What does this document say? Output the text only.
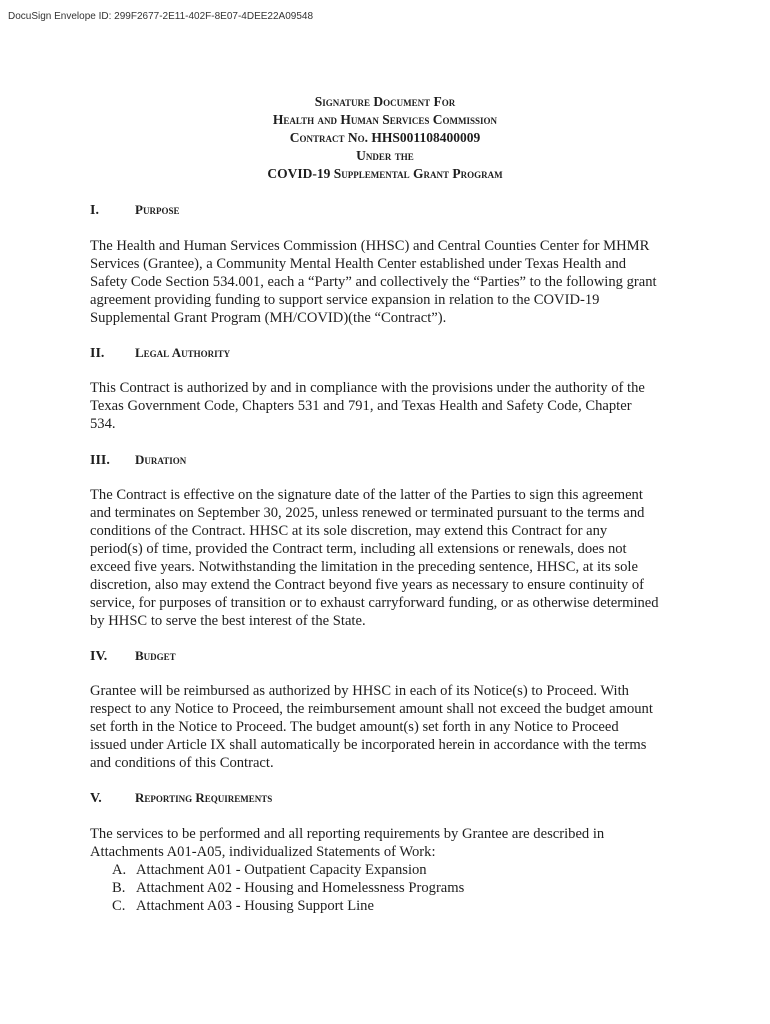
DocuSign Envelope ID: 299F2677-2E11-402F-8E07-4DEE22A09548
Signature Document For
Health and Human Services Commission
Contract No. HHS001108400009
Under the
COVID-19 Supplemental Grant Program
I.	Purpose
The Health and Human Services Commission (HHSC) and Central Counties Center for MHMR
Services (Grantee), a Community Mental Health Center established under Texas Health and
Safety Code Section 534.001, each a “Party” and collectively the “Parties” to the following grant
agreement providing funding to support service expansion in relation to the COVID-19
Supplemental Grant Program (MH/COVID)(the “Contract”).
II. Legal Authority
This Contract is authorized by and in compliance with the provisions under the authority of the
Texas Government Code, Chapters 531 and 791, and Texas Health and Safety Code, Chapter
534.
III. Duration
The Contract is effective on the signature date of the latter of the Parties to sign this agreement
and terminates on September 30, 2025, unless renewed or terminated pursuant to the terms and
conditions of the Contract. HHSC at its sole discretion, may extend this Contract for any
period(s) of time, provided the Contract term, including all extensions or renewals, does not
exceed five years. Notwithstanding the limitation in the preceding sentence, HHSC, at its sole
discretion, also may extend the Contract beyond five years as necessary to ensure continuity of
service, for purposes of transition or to exhaust carryforward funding, or as otherwise determined
by HHSC to serve the best interest of the State.
IV. Budget
Grantee will be reimbursed as authorized by HHSC in each of its Notice(s) to Proceed. With
respect to any Notice to Proceed, the reimbursement amount shall not exceed the budget amount
set forth in the Notice to Proceed. The budget amount(s) set forth in any Notice to Proceed
issued under Article IX shall automatically be incorporated herein in accordance with the terms
and conditions of this Contract.
V.	Reporting Requirements
The services to be performed and all reporting requirements by Grantee are described in
Attachments A01-A05, individualized Statements of Work:
A. Attachment A01 - Outpatient Capacity Expansion
B. Attachment A02 - Housing and Homelessness Programs
C. Attachment A03 - Housing Support Line
